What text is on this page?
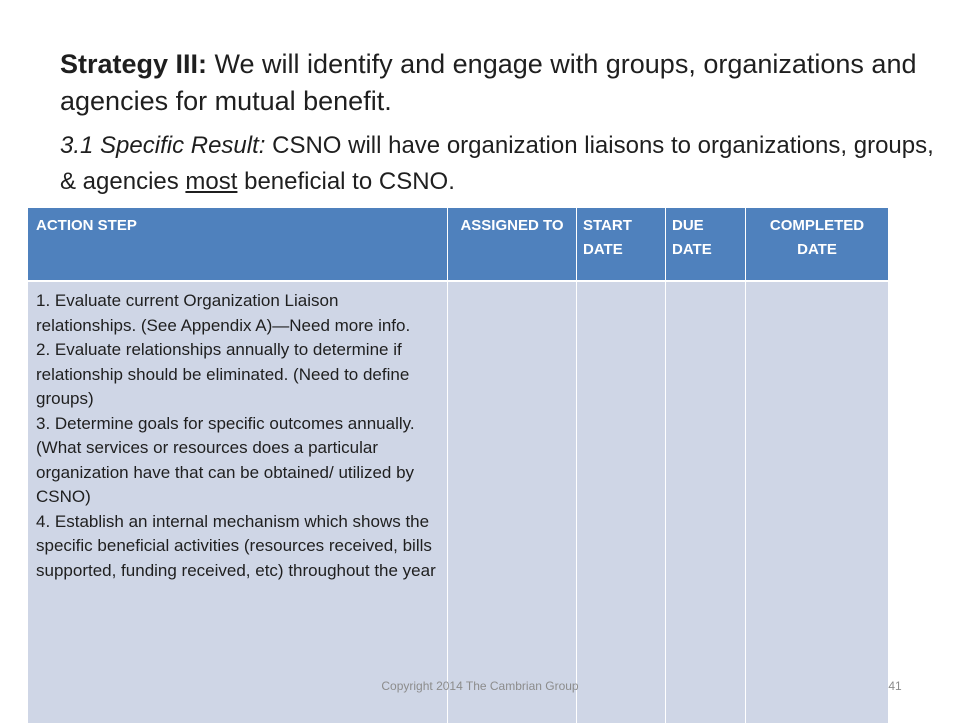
Strategy III: We will identify and engage with groups, organizations and agencies for mutual benefit.

3.1 Specific Result: CSNO will have organization liaisons to organizations, groups, & agencies most beneficial to CSNO.

ACTION STEP	ASSIGNED TO	START DATE	DUE DATE	COMPLETED DATE

1. Evaluate current Organization Liaison relationships. (See Appendix A)—Need more info.
2. Evaluate relationships annually to determine if relationship should be eliminated. (Need to define groups)
3. Determine goals for specific outcomes annually. (What services or resources does a particular organization have that can be obtained/ utilized by CSNO)
4. Establish an internal mechanism which shows the specific beneficial activities (resources received, bills supported, funding received, etc) throughout the year				

Copyright 2014 The Cambrian Group	41
